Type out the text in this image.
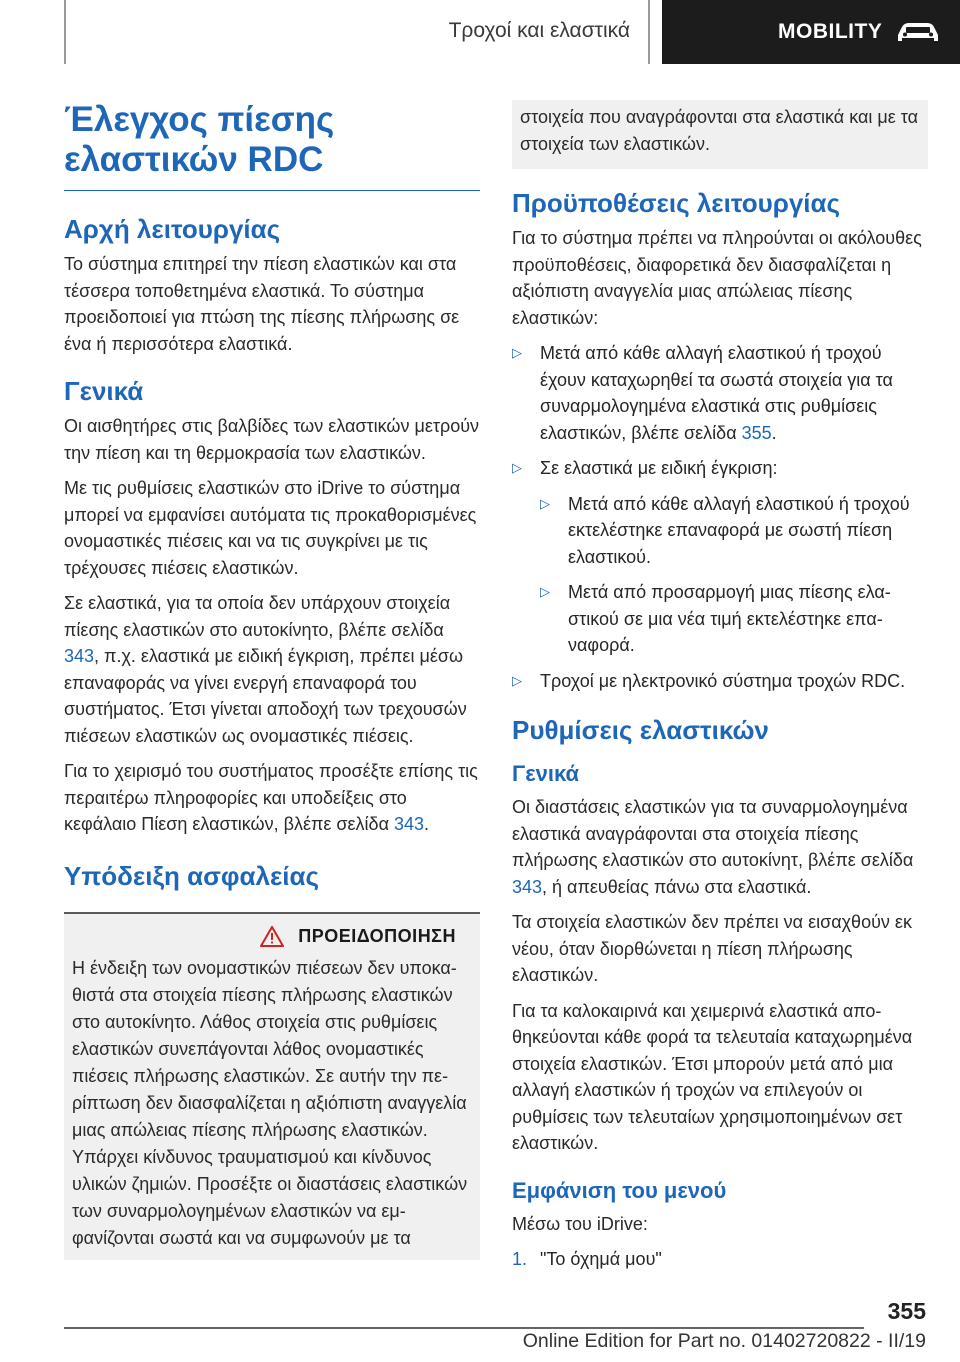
Τροχοί και ελαστικά	MOBILITY
Έλεγχος πίεσης ελαστικών RDC
Αρχή λειτουργίας

Το σύστημα επιτηρεί την πίεση ελαστικών και στα τέσσερα τοποθετημένα ελαστικά. Το σύστημα προειδοποιεί για πτώση της πίεσης πλήρωσης σε ένα ή περισσότερα ελαστικά.

Γενικά

Οι αισθητήρες στις βαλβίδες των ελαστικών μετρούν την πίεση και τη θερμοκρασία των ελαστικών.

Με τις ρυθμίσεις ελαστικών στο iDrive το σύστημα μπορεί να εμφανίσει αυτόματα τις προκαθορισμένες ονομαστικές πιέσεις και να τις συγκρίνει με τις τρέχουσες πιέσεις ελαστικών.

Σε ελαστικά, για τα οποία δεν υπάρχουν στοιχεία πίεσης ελαστικών στο αυτοκίνητο, βλέπε σελίδα 343, π.χ. ελαστικά με ειδική έγκριση, πρέπει μέσω επαναφοράς να γίνει ενεργή επαναφορά του συστήματος. Έτσι γίνεται αποδοχή των τρεχουσών πιέσεων ελαστικών ως ονομαστικές πιέσεις.

Για το χειρισμό του συστήματος προσέξτε επίσης τις περαιτέρω πληροφορίες και υποδείξεις στο κεφάλαιο Πίεση ελαστικών, βλέπε σελίδα 343.

Υπόδειξη ασφαλείας
ΠΡΟΕΙΔΟΠΟΙΗΣΗ

Η ένδειξη των ονομαστικών πιέσεων δεν υποκαθιστά στα στοιχεία πίεσης πλήρωσης ελαστικών στο αυτοκίνητο. Λάθος στοιχεία στις ρυθμίσεις ελαστικών συνεπάγονται λάθος ονομαστικές πιέσεις πλήρωσης ελαστικών. Σε αυτήν την περίπτωση δεν διασφαλίζεται η αξιόπιστη αναγγελία μιας απώλειας πίεσης πλήρωσης ελαστικών. Υπάρχει κίνδυνος τραυματισμού και κίνδυνος υλικών ζημιών. Προσέξτε οι διαστάσεις ελαστικών των συναρμολογημένων ελαστικών να εμφανίζονται σωστά και να συμφωνούν με τα

στοιχεία που αναγράφονται στα ελαστικά και με τα στοιχεία των ελαστικών.

Προϋποθέσεις λειτουργίας

Για το σύστημα πρέπει να πληρούνται οι ακόλουθες προϋποθέσεις, διαφορετικά δεν διασφαλίζεται η αξιόπιστη αναγγελία μιας απώλειας πίεσης ελαστικών:

▷ Μετά από κάθε αλλαγή ελαστικού ή τροχού έχουν καταχωρηθεί τα σωστά στοιχεία για τα συναρμολογημένα ελαστικά στις ρυθμίσεις ελαστικών, βλέπε σελίδα 355.
▷ Σε ελαστικά με ειδική έγκριση:
▷ Μετά από κάθε αλλαγή ελαστικού ή τροχού εκτελέστηκε επαναφορά με σωστή πίεση ελαστικού.
▷ Μετά από προσαρμογή μιας πίεσης ελαστικού σε μια νέα τιμή εκτελέστηκε επαναφορά.
▷ Τροχοί με ηλεκτρονικό σύστημα τροχών RDC.
Ρυθμίσεις ελαστικών
Γενικά

Οι διαστάσεις ελαστικών για τα συναρμολογημένα ελαστικά αναγράφονται στα στοιχεία πίεσης πλήρωσης ελαστικών στο αυτοκίνητ, βλέπε σελίδα 343, ή απευθείας πάνω στα ελαστικά.

Τα στοιχεία ελαστικών δεν πρέπει να εισαχθούν εκ νέου, όταν διορθώνεται η πίεση πλήρωσης ελαστικών.

Για τα καλοκαιρινά και χειμερινά ελαστικά αποθηκεύονται κάθε φορά τα τελευταία καταχωρημένα στοιχεία ελαστικών. Έτσι μπορούν μετά από μια αλλαγή ελαστικών ή τροχών να επιλεγούν οι ρυθμίσεις των τελευταίων χρησιμοποιημένων σετ ελαστικών.

Εμφάνιση του μενού

Μέσω του iDrive:

1. "Το όχημά μου"
355
Online Edition for Part no. 01402720822 - II/19
